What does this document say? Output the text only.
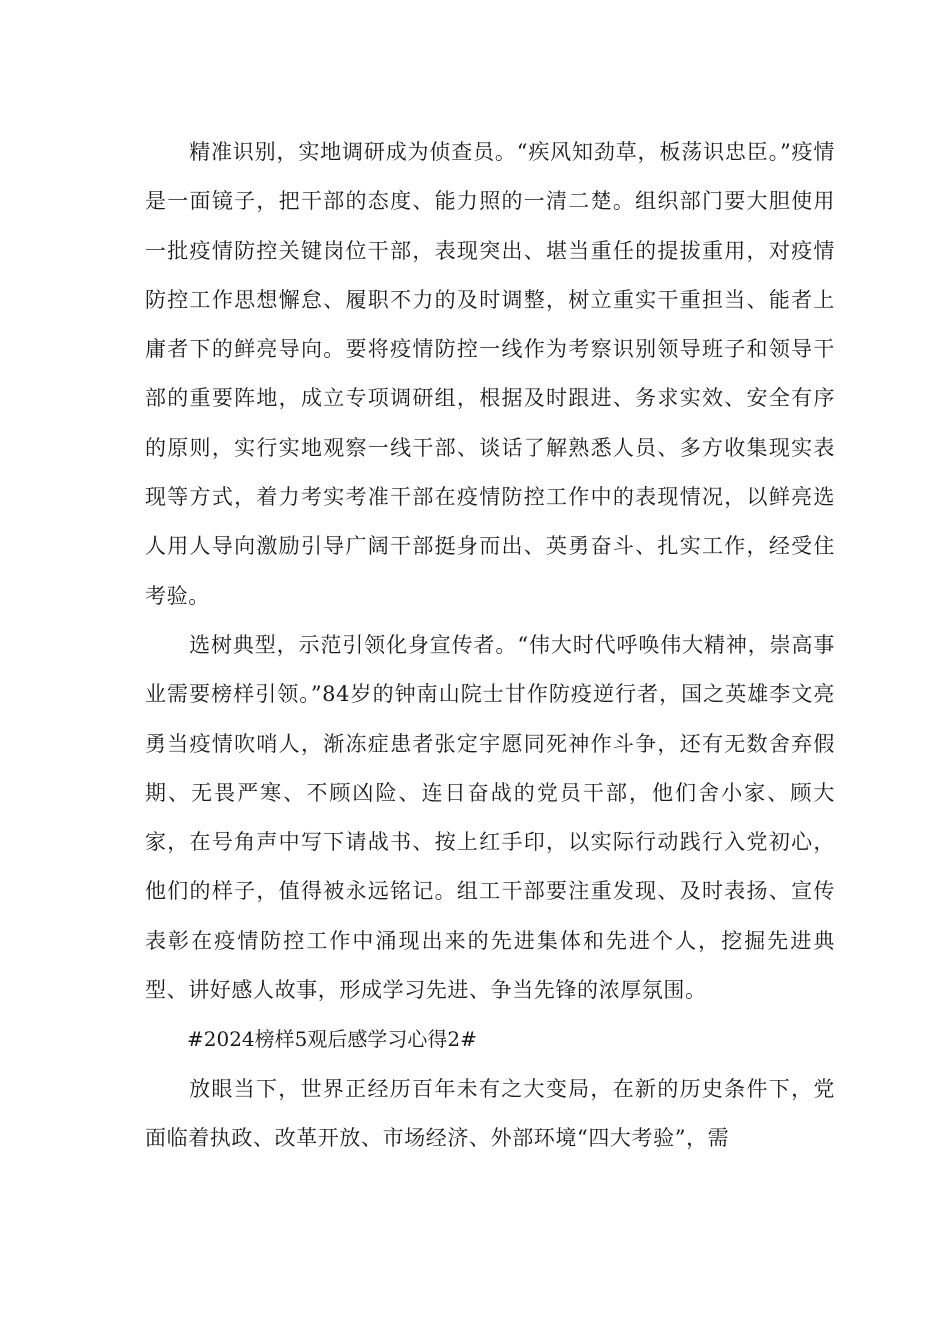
精准识别，实地调研成为侦查员。“疾风知劲草，板荡识忠臣。”疫情是一面镜子，把干部的态度、能力照的一清二楚。组织部门要大胆使用一批疫情防控关键岗位干部，表现突出、堪当重任的提拔重用，对疫情防控工作思想懈怠、履职不力的及时调整，树立重实干重担当、能者上庸者下的鲜亮导向。要将疫情防控一线作为考察识别领导班子和领导干部的重要阵地，成立专项调研组，根据及时跟进、务求实效、安全有序的原则，实行实地观察一线干部、谈话了解熟悉人员、多方收集现实表现等方式，着力考实考准干部在疫情防控工作中的表现情况，以鲜亮选人用人导向激励引导广阔干部挺身而出、英勇奋斗、扎实工作，经受住考验。

选树典型，示范引领化身宣传者。“伟大时代呼唤伟大精神，崇高事业需要榜样引领。”84岁的钟南山院士甘作防疫逆行者，国之英雄李文亮勇当疫情吹哨人，渐冻症患者张定宇愿同死神作斗争，还有无数舍弃假期、无畏严寒、不顾凶险、连日奋战的党员干部，他们舍小家、顾大家，在号角声中写下请战书、按上红手印，以实际行动践行入党初心，他们的样子，值得被永远铭记。组工干部要注重发现、及时表扬、宣传表彰在疫情防控工作中涌现出来的先进集体和先进个人，挖掘先进典型、讲好感人故事，形成学习先进、争当先锋的浓厚氛围。

#2024榜样5观后感学习心得2#

放眼当下，世界正经历百年未有之大变局，在新的历史条件下，党面临着执政、改革开放、市场经济、外部环境“四大考验”，需
